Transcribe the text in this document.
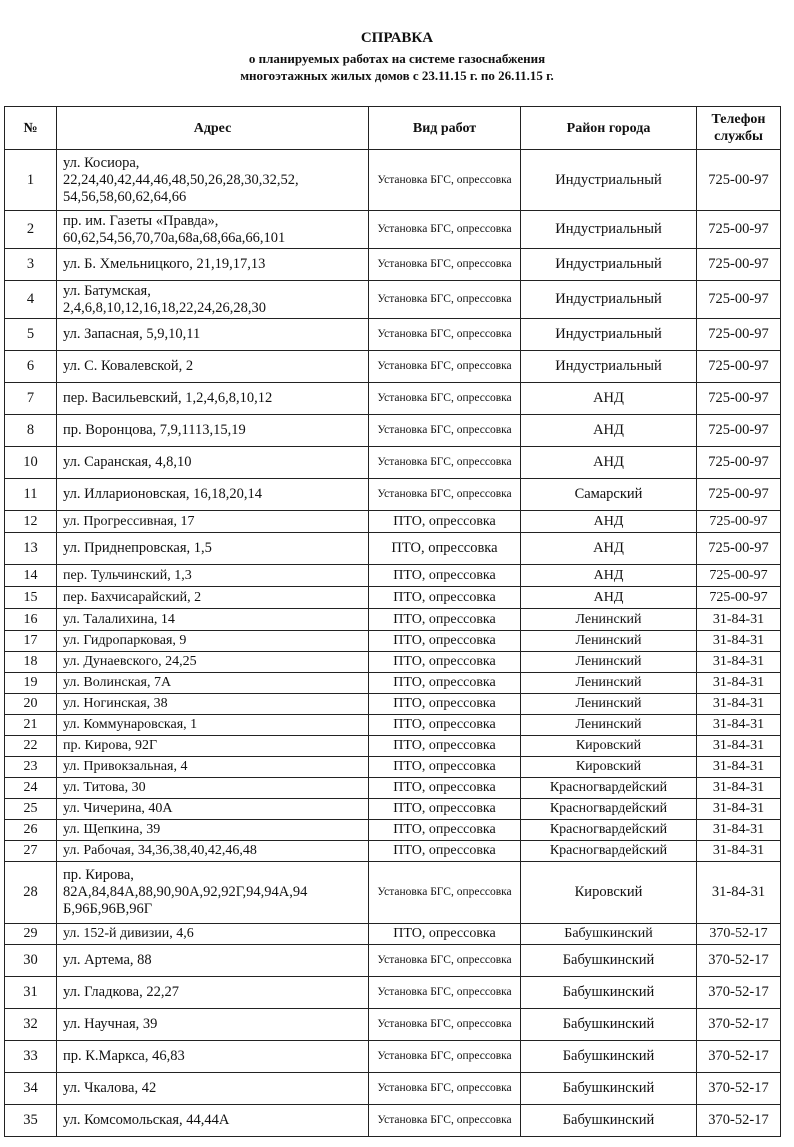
СПРАВКА
о планируемых работах на системе газоснабжения
многоэтажных жилых домов с 23.11.15 г. по 26.11.15 г.
№	Адрес	Вид работ	Район города	Телефон службы
1	ул. Косиора,
22,24,40,42,44,46,48,50,26,28,30,32,52,
54,56,58,60,62,64,66	Установка БГС, опрессовка	Индустриальный	725-00-97
2	пр. им. Газеты «Правда»,
60,62,54,56,70,70а,68а,68,66а,66,101	Установка БГС, опрессовка	Индустриальный	725-00-97
3	ул. Б. Хмельницкого, 21,19,17,13	Установка БГС, опрессовка	Индустриальный	725-00-97
4	ул. Батумская,
2,4,6,8,10,12,16,18,22,24,26,28,30	Установка БГС, опрессовка	Индустриальный	725-00-97
5	ул. Запасная, 5,9,10,11	Установка БГС, опрессовка	Индустриальный	725-00-97
6	ул. С. Ковалевской, 2	Установка БГС, опрессовка	Индустриальный	725-00-97
7	пер. Васильевский, 1,2,4,6,8,10,12	Установка БГС, опрессовка	АНД	725-00-97
8	пр. Воронцова, 7,9,1113,15,19	Установка БГС, опрессовка	АНД	725-00-97
10	ул. Саранская, 4,8,10	Установка БГС, опрессовка	АНД	725-00-97
11	ул. Илларионовская, 16,18,20,14	Установка БГС, опрессовка	Самарский	725-00-97
12	ул. Прогрессивная, 17	ПТО, опрессовка	АНД	725-00-97
13	ул. Приднепровская, 1,5	ПТО, опрессовка	АНД	725-00-97
14	пер. Тульчинский, 1,3	ПТО, опрессовка	АНД	725-00-97
15	пер. Бахчисарайский, 2	ПТО, опрессовка	АНД	725-00-97
16	ул. Талалихина, 14	ПТО, опрессовка	Ленинский	31-84-31
17	ул. Гидропарковая, 9	ПТО, опрессовка	Ленинский	31-84-31
18	ул. Дунаевского, 24,25	ПТО, опрессовка	Ленинский	31-84-31
19	ул. Волинская, 7А	ПТО, опрессовка	Ленинский	31-84-31
20	ул. Ногинская, 38	ПТО, опрессовка	Ленинский	31-84-31
21	ул. Коммунаровская, 1	ПТО, опрессовка	Ленинский	31-84-31
22	пр. Кирова, 92Г	ПТО, опрессовка	Кировский	31-84-31
23	ул. Привокзальная, 4	ПТО, опрессовка	Кировский	31-84-31
24	ул. Титова, 30	ПТО, опрессовка	Красногвардейский	31-84-31
25	ул. Чичерина, 40А	ПТО, опрессовка	Красногвардейский	31-84-31
26	ул. Щепкина, 39	ПТО, опрессовка	Красногвардейский	31-84-31
27	ул. Рабочая, 34,36,38,40,42,46,48	ПТО, опрессовка	Красногвардейский	31-84-31
28	пр. Кирова,
82А,84,84А,88,90,90А,92,92Г,94,94А,94
Б,96Б,96В,96Г	Установка БГС, опрессовка	Кировский	31-84-31
29	ул. 152-й дивизии, 4,6	ПТО, опрессовка	Бабушкинский	370-52-17
30	ул. Артема, 88	Установка БГС, опрессовка	Бабушкинский	370-52-17
31	ул. Гладкова, 22,27	Установка БГС, опрессовка	Бабушкинский	370-52-17
32	ул. Научная, 39	Установка БГС, опрессовка	Бабушкинский	370-52-17
33	пр. К.Маркса, 46,83	Установка БГС, опрессовка	Бабушкинский	370-52-17
34	ул. Чкалова, 42	Установка БГС, опрессовка	Бабушкинский	370-52-17
35	ул. Комсомольская, 44,44А	Установка БГС, опрессовка	Бабушкинский	370-52-17
